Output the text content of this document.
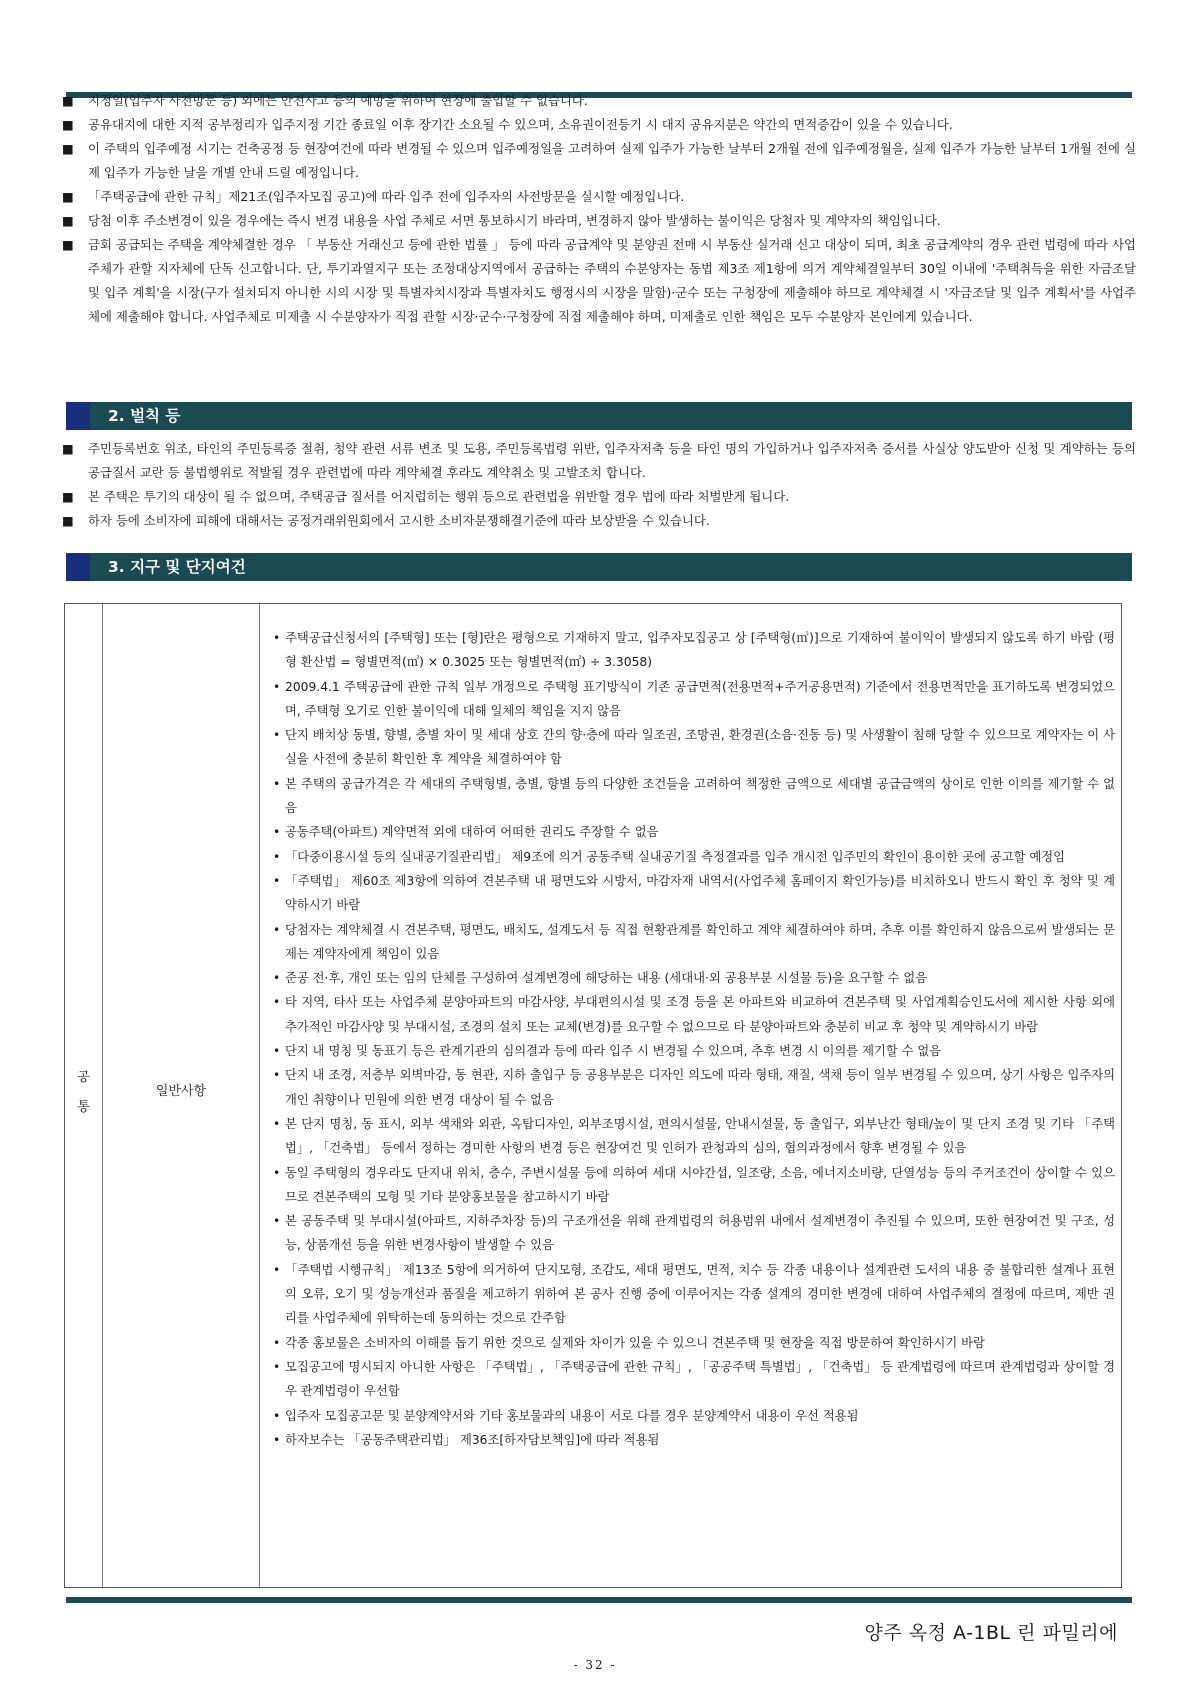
■ 지정일(입주자 사전방문 등) 외에는 안전사고 등의 예방을 위하여 현장에 출입할 수 없습니다.
■ 공유대지에 대한 지적 공부정리가 입주지정 기간 종료일 이후 장기간 소요될 수 있으며, 소유권이전등기 시 대지 공유지분은 약간의 면적증감이 있을 수 있습니다.
■ 이 주택의 입주예정 시기는 건축공정 등 현장여건에 따라 변경될 수 있으며 입주예정일을 고려하여 실제 입주가 가능한 날부터 2개월 전에 입주예정월을, 실제 입주가 가능한 날부터 1개월 전에 실제 입주가 가능한 날을 개별 안내 드릴 예정입니다.
■ 「주택공급에 관한 규칙」제21조(입주자모집 공고)에 따라 입주 전에 입주자의 사전방문을 실시할 예정입니다.
■ 당첨 이후 주소변경이 있을 경우에는 즉시 변경 내용을 사업 주체로 서면 통보하시기 바라며, 변경하지 않아 발생하는 불이익은 당첨자 및 계약자의 책임입니다.
■ 금회 공급되는 주택을 계약체결한 경우 「 부동산 거래신고 등에 관한 법률 」 등에 따라 공급계약 및 분양권 전매 시 부동산 실거래 신고 대상이 되며, 최초 공급계약의 경우 관련 법령에 따라 사업주체가 관할 지자체에 단독 신고합니다. 단, 투기과열지구 또는 조정대상지역에서 공급하는 주택의 수분양자는 동법 제3조 제1항에 의거 계약체결일부터 30일 이내에 '주택취득을 위한 자금조달 및 입주 계획'을 시장(구가 설치되지 아니한 시의 시장 및 특별자치시장과 특별자치도 행정시의 시장을 말함)·군수 또는 구청장에 제출해야 하므로 계약체결 시 '자금조달 및 입주 계획서'를 사업주체에 제출해야 합니다. 사업주체로 미제출 시 수분양자가 직접 관할 시장·군수·구청장에 직접 제출해야 하며, 미제출로 인한 책임은 모두 수분양자 본인에게 있습니다.
2. 벌칙 등
■ 주민등록번호 위조, 타인의 주민등록증 절취, 청약 관련 서류 변조 및 도용, 주민등록법령 위반, 입주자저축 등을 타인 명의 가입하거나 입주자저축 증서를 사실상 양도받아 신청 및 계약하는 등의 공급질서 교란 등 불법행위로 적발될 경우 관련법에 따라 계약체결 후라도 계약취소 및 고발조치 합니다.
■ 본 주택은 투기의 대상이 될 수 없으며, 주택공급 질서를 어지럽히는 행위 등으로 관련법을 위반할 경우 법에 따라 처벌받게 됩니다.
■ 하자 등에 소비자에 피해에 대해서는 공정거래위원회에서 고시한 소비자분쟁해결기준에 따라 보상받을 수 있습니다.
3. 지구 및 단지여건
공
통
일반사항
• 주택공급신청서의 [주택형] 또는 [형]란은 평형으로 기재하지 말고, 입주자모집공고 상 [주택형(㎡)]으로 기재하여 불이익이 발생되지 않도록 하기 바람 (평형 환산법 = 형별면적(㎡) × 0.3025 또는 형별면적(㎡) ÷ 3.3058)
• 2009.4.1 주택공급에 관한 규칙 일부 개정으로 주택형 표기방식이 기존 공급면적(전용면적+주거공용면적) 기준에서 전용면적만을 표기하도록 변경되었으며, 주택형 오기로 인한 불이익에 대해 일체의 책임을 지지 않음
• 단지 배치상 동별, 향별, 층별 차이 및 세대 상호 간의 향·층에 따라 일조권, 조망권, 환경권(소음·진동 등) 및 사생활이 침해 당할 수 있으므로 계약자는 이 사실을 사전에 충분히 확인한 후 계약을 체결하여야 함
• 본 주택의 공급가격은 각 세대의 주택형별, 층별, 향별 등의 다양한 조건들을 고려하여 책정한 금액으로 세대별 공급금액의 상이로 인한 이의를 제기할 수 없음
• 공동주택(아파트) 계약면적 외에 대하여 어떠한 권리도 주장할 수 없음
• 「다중이용시설 등의 실내공기질관리법」 제9조에 의거 공동주택 실내공기질 측정결과를 입주 개시전 입주민의 확인이 용이한 곳에 공고할 예정임
• 「주택법」 제60조 제3항에 의하여 견본주택 내 평면도와 시방서, 마감자재 내역서(사업주체 홈페이지 확인가능)를 비치하오니 반드시 확인 후 청약 및 계약하시기 바람
• 당첨자는 계약체결 시 견본주택, 평면도, 배치도, 설계도서 등 직접 현황관계를 확인하고 계약 체결하여야 하며, 추후 이를 확인하지 않음으로써 발생되는 문제는 계약자에게 책임이 있음
• 준공 전·후, 개인 또는 임의 단체를 구성하여 설계변경에 해당하는 내용 (세대내·외 공용부분 시설물 등)을 요구할 수 없음
• 타 지역, 타사 또는 사업주체 분양아파트의 마감사양, 부대편의시설 및 조경 등을 본 아파트와 비교하여 견본주택 및 사업계획승인도서에 제시한 사항 외에 추가적인 마감사양 및 부대시설, 조경의 설치 또는 교체(변경)를 요구할 수 없으므로 타 분양아파트와 충분히 비교 후 청약 및 계약하시기 바람
• 단지 내 명칭 및 동표기 등은 관계기관의 심의결과 등에 따라 입주 시 변경될 수 있으며, 추후 변경 시 이의를 제기할 수 없음
• 단지 내 조경, 저층부 외벽마감, 동 현관, 지하 출입구 등 공용부분은 디자인 의도에 따라 형태, 재질, 색채 등이 일부 변경될 수 있으며, 상기 사항은 입주자의 개인 취향이나 민원에 의한 변경 대상이 될 수 없음
• 본 단지 명칭, 동 표시, 외부 색채와 외관, 옥탑디자인, 외부조명시설, 편의시설물, 안내시설물, 동 출입구, 외부난간 형태/높이 및 단지 조경 및 기타 「주택법」, 「건축법」 등에서 정하는 경미한 사항의 변경 등은 현장여건 및 인허가 관청과의 심의, 협의과정에서 향후 변경될 수 있음
• 동일 주택형의 경우라도 단지내 위치, 층수, 주변시설물 등에 의하여 세대 시야간섭, 일조량, 소음, 에너지소비량, 단열성능 등의 주거조건이 상이할 수 있으므로 견본주택의 모형 및 기타 분양홍보물을 참고하시기 바람
• 본 공동주택 및 부대시설(아파트, 지하주차장 등)의 구조개선을 위해 관계법령의 허용범위 내에서 설계변경이 추진될 수 있으며, 또한 현장여건 및 구조, 성능, 상품개선 등을 위한 변경사항이 발생할 수 있음
• 「주택법 시행규칙」 제13조 5항에 의거하여 단지모형, 조감도, 세대 평면도, 면적, 치수 등 각종 내용이나 설계관련 도서의 내용 중 불합리한 설계나 표현의 오류, 오기 및 성능개선과 품질을 제고하기 위하여 본 공사 진행 중에 이루어지는 각종 설계의 경미한 변경에 대하여 사업주체의 결정에 따르며, 제반 권리를 사업주체에 위탁하는데 동의하는 것으로 간주함
• 각종 홍보물은 소비자의 이해를 돕기 위한 것으로 실제와 차이가 있을 수 있으니 견본주택 및 현장을 직접 방문하여 확인하시기 바람
• 모집공고에 명시되지 아니한 사항은 「주택법」, 「주택공급에 관한 규칙」, 「공공주택 특별법」, 「건축법」 등 관계법령에 따르며 관계법령과 상이할 경우 관계법령이 우선함
• 입주자 모집공고문 및 분양계약서와 기타 홍보물과의 내용이 서로 다를 경우 분양계약서 내용이 우선 적용됨
• 하자보수는 「공동주택관리법」 제36조[하자담보책임]에 따라 적용됨
양주 옥정 A-1BL 린 파밀리에
- 32 -
